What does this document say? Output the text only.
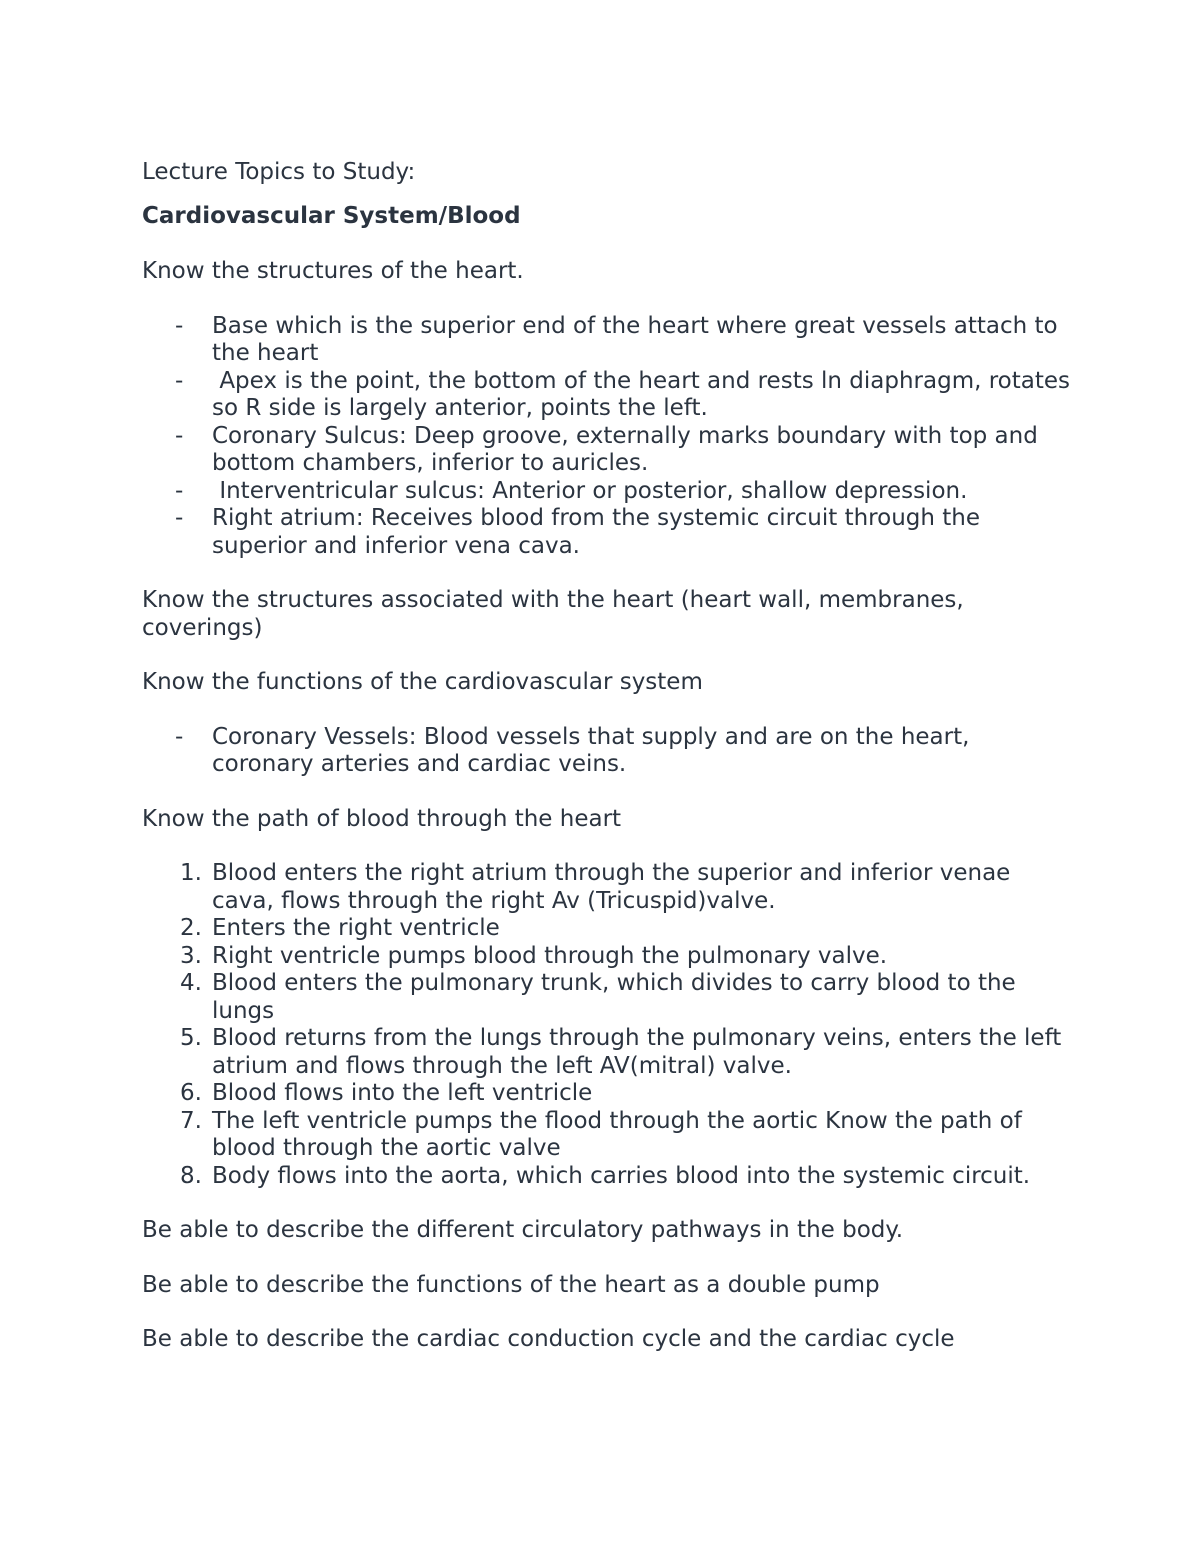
Lecture Topics to Study:

Cardiovascular System/Blood

Know the structures of the heart.

-	Base which is the superior end of the heart where great vessels attach to the heart
-	Apex is the point, the bottom of the heart and rests ln diaphragm, rotates so R side is largely anterior, points the left.
-	Coronary Sulcus: Deep groove, externally marks boundary with top and bottom chambers, inferior to auricles.
-	Interventricular sulcus: Anterior or posterior, shallow depression.
-	Right atrium: Receives blood from the systemic circuit through the superior and inferior vena cava.

Know the structures associated with the heart (heart wall, membranes, coverings)

Know the functions of the cardiovascular system

-	Coronary Vessels: Blood vessels that supply and are on the heart, coronary arteries and cardiac veins.

Know the path of blood through the heart

1. Blood enters the right atrium through the superior and inferior venae cava, flows through the right Av (Tricuspid)valve.
2. Enters the right ventricle
3. Right ventricle pumps blood through the pulmonary valve.
4. Blood enters the pulmonary trunk, which divides to carry blood to the lungs
5. Blood returns from the lungs through the pulmonary veins, enters the left atrium and flows through the left AV(mitral) valve.
6. Blood flows into the left ventricle
7. The left ventricle pumps the flood through the aortic Know the path of blood through the aortic valve
8. Body flows into the aorta, which carries blood into the systemic circuit.

Be able to describe the different circulatory pathways in the body.

Be able to describe the functions of the heart as a double pump

Be able to describe the cardiac conduction cycle and the cardiac cycle
